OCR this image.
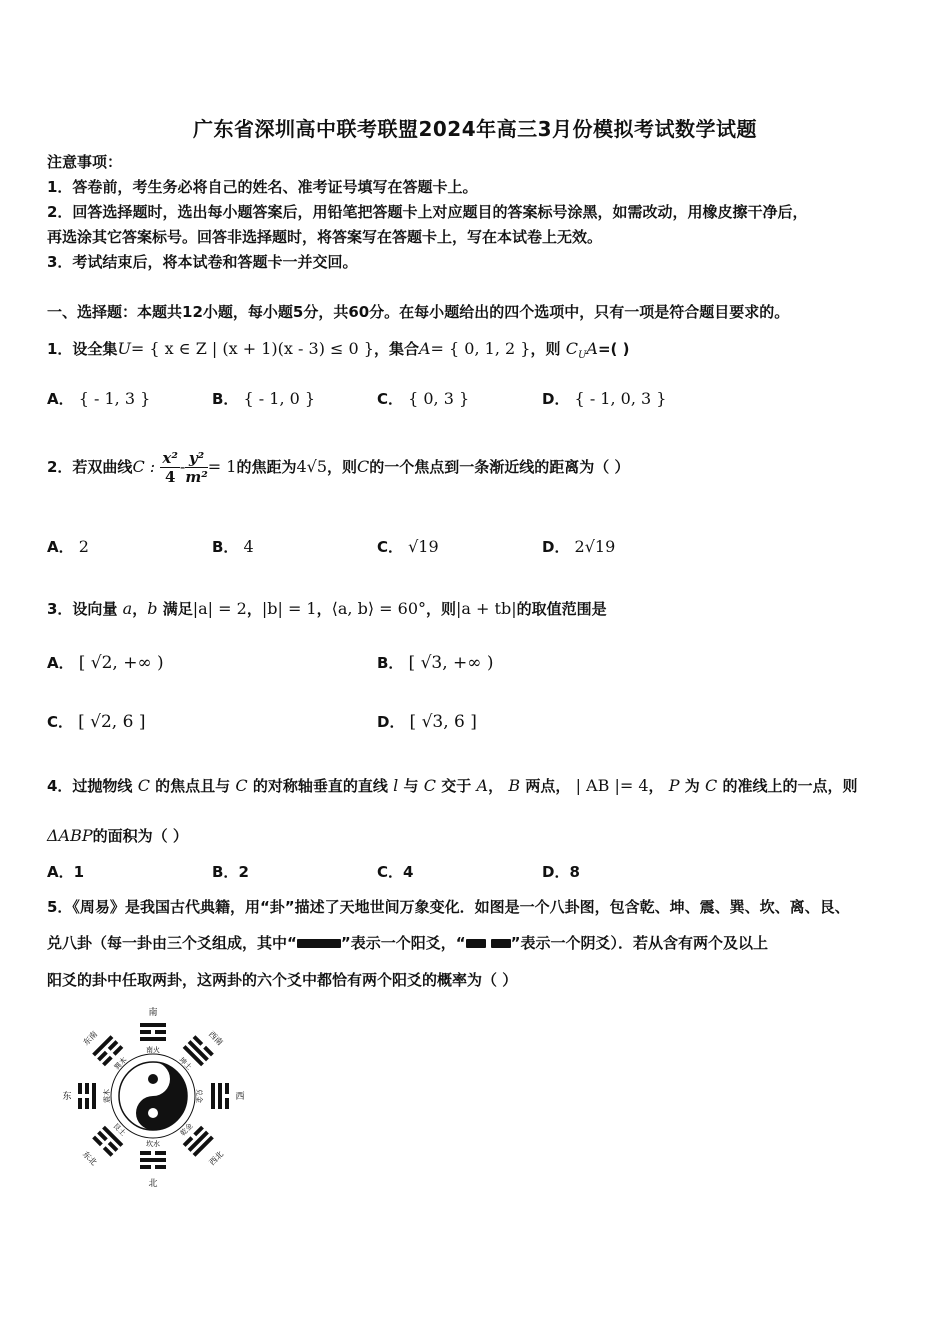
广东省深圳高中联考联盟2024年高三3月份模拟考试数学试题
注意事项：
1．答卷前，考生务必将自己的姓名、准考证号填写在答题卡上。
2．回答选择题时，选出每小题答案后，用铅笔把答题卡上对应题目的答案标号涂黑，如需改动，用橡皮擦干净后，
再选涂其它答案标号。回答非选择题时，将答案写在答题卡上，写在本试卷上无效。
3．考试结束后，将本试卷和答题卡一并交回。
一、选择题：本题共12小题，每小题5分，共60分。在每小题给出的四个选项中，只有一项是符合题目要求的。
1．设全集U= { x ∈ Z | (x + 1)(x - 3) ≤ 0 }，集合A= { 0, 1, 2 }，则 $C_UA=$( )
A． { - 1, 3 }	B． { - 1, 0 }	C． { 0, 3 }	D． { - 1, 0, 3 }
2．若双曲线C : $\frac{\text{x²}}{4} - \frac{\text{y²}}{\text{m²}} = 1$的焦距为4√5，则C的一个焦点到一条渐近线的距离为（ ）
A． 2	B． 4	C． √19	D． 2√19
3．设向量 a，b 满足|a| = 2，|b| = 1，⟨a, b⟩ = 60°，则|a + tb|的取值范围是
A． [ √2, +∞ )	B． [ √3, +∞ )
C． [ √2, 6 ]	D． [ √3, 6 ]
4．过抛物线 C 的焦点且与 C 的对称轴垂直的直线 l 与 C 交于 A， B 两点， | AB |= 4， P 为 C 的准线上的一点，则
ΔABP的面积为（ ）
A．1	B．2	C．4	D．8
5．《周易》是我国古代典籍，用“卦”描述了天地世间万象变化．如图是一个八卦图，包含乾、坤、震、巽、坎、离、艮、
兑八卦（每一卦由三个爻组成，其中“	”表示一个阳爻，“	”表示一个阴爻）．若从含有两个及以上
阳爻的卦中任取两卦，这两卦的六个爻中都恰有两个阳爻的概率为（ ）
南
北
东	西
东南	西南
东北	西北
南火
坎水
震木	兑金
巽木	坤土
艮土	乾金
